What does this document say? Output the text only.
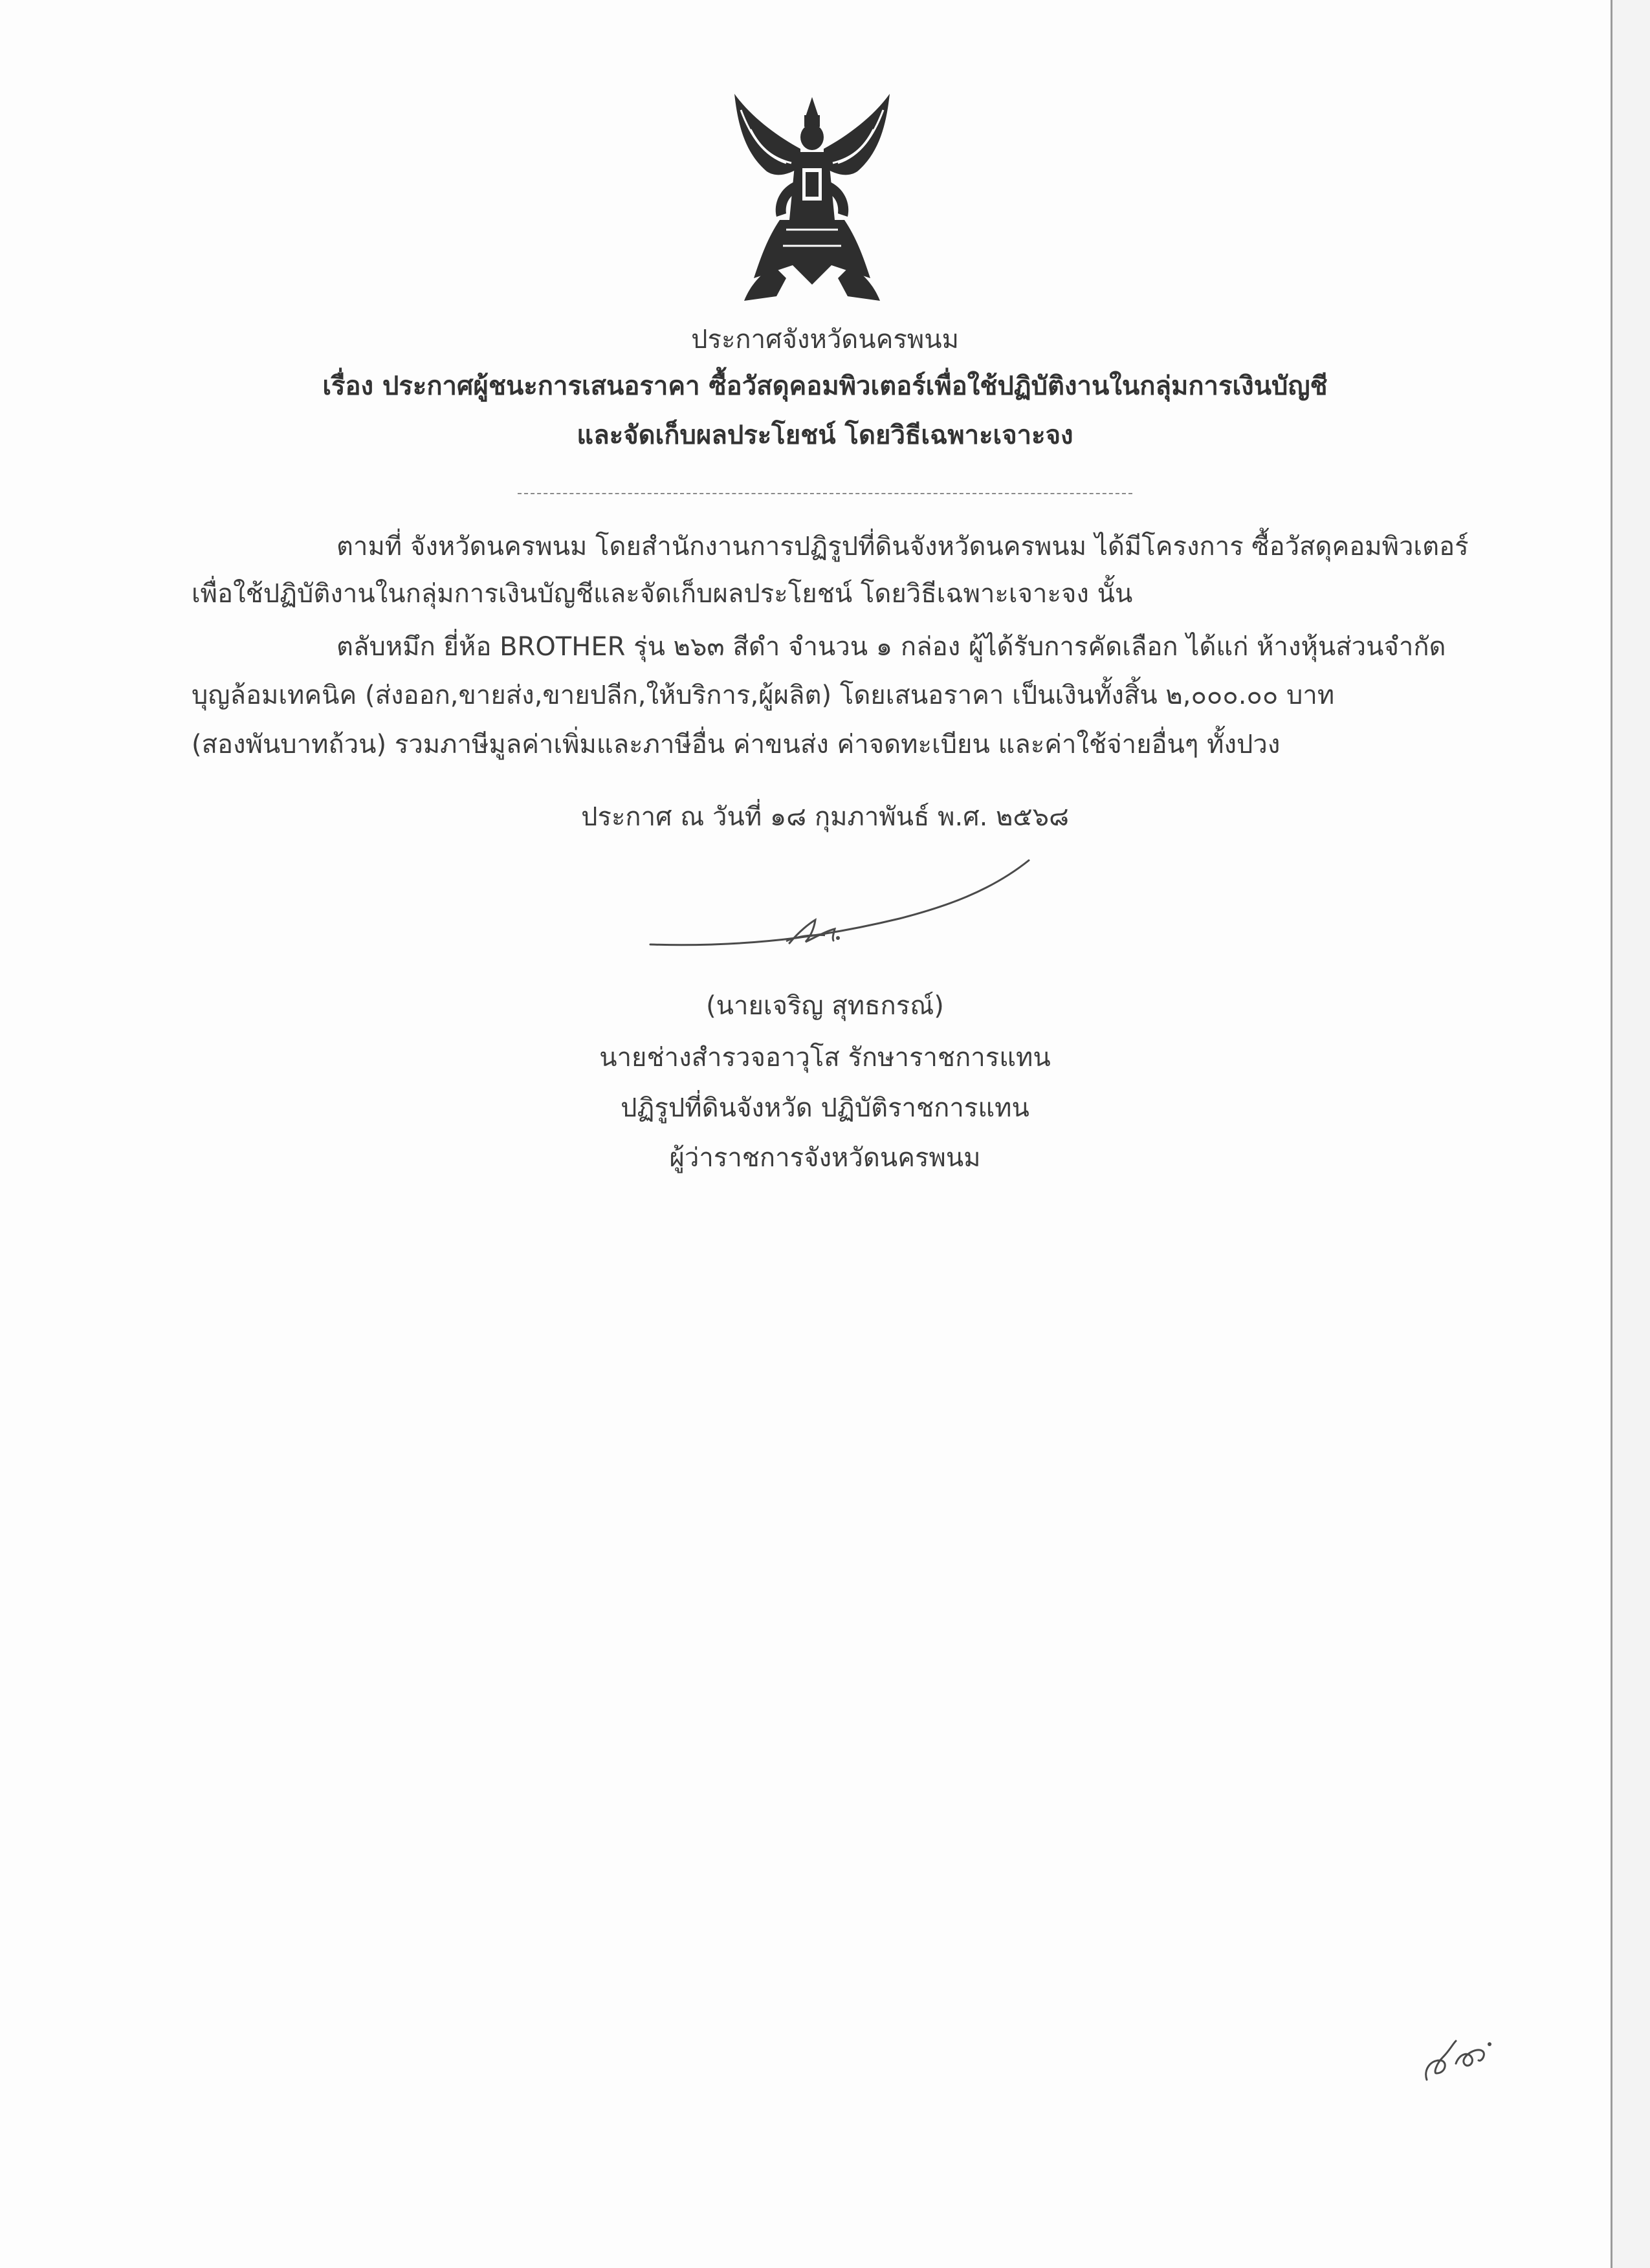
ประกาศจังหวัดนครพนม
เรื่อง ประกาศผู้ชนะการเสนอราคา ซื้อวัสดุคอมพิวเตอร์เพื่อใช้ปฏิบัติงานในกลุ่มการเงินบัญชี
และจัดเก็บผลประโยชน์ โดยวิธีเฉพาะเจาะจง
ตามที่ จังหวัดนครพนม โดยสำนักงานการปฏิรูปที่ดินจังหวัดนครพนม ได้มีโครงการ ซื้อวัสดุคอมพิวเตอร์
เพื่อใช้ปฏิบัติงานในกลุ่มการเงินบัญชีและจัดเก็บผลประโยชน์ โดยวิธีเฉพาะเจาะจง นั้น
ตลับหมึก ยี่ห้อ BROTHER รุ่น ๒๖๓ สีดำ จำนวน ๑ กล่อง ผู้ได้รับการคัดเลือก ได้แก่ ห้างหุ้นส่วนจำกัด
บุญล้อมเทคนิค (ส่งออก,ขายส่ง,ขายปลีก,ให้บริการ,ผู้ผลิต) โดยเสนอราคา เป็นเงินทั้งสิ้น ๒,๐๐๐.๐๐ บาท
(สองพันบาทถ้วน) รวมภาษีมูลค่าเพิ่มและภาษีอื่น ค่าขนส่ง ค่าจดทะเบียน และค่าใช้จ่ายอื่นๆ ทั้งปวง
ประกาศ ณ วันที่ ๑๘ กุมภาพันธ์ พ.ศ. ๒๕๖๘
(นายเจริญ สุทธกรณ์)
นายช่างสำรวจอาวุโส รักษาราชการแทน
ปฏิรูปที่ดินจังหวัด ปฏิบัติราชการแทน
ผู้ว่าราชการจังหวัดนครพนม
